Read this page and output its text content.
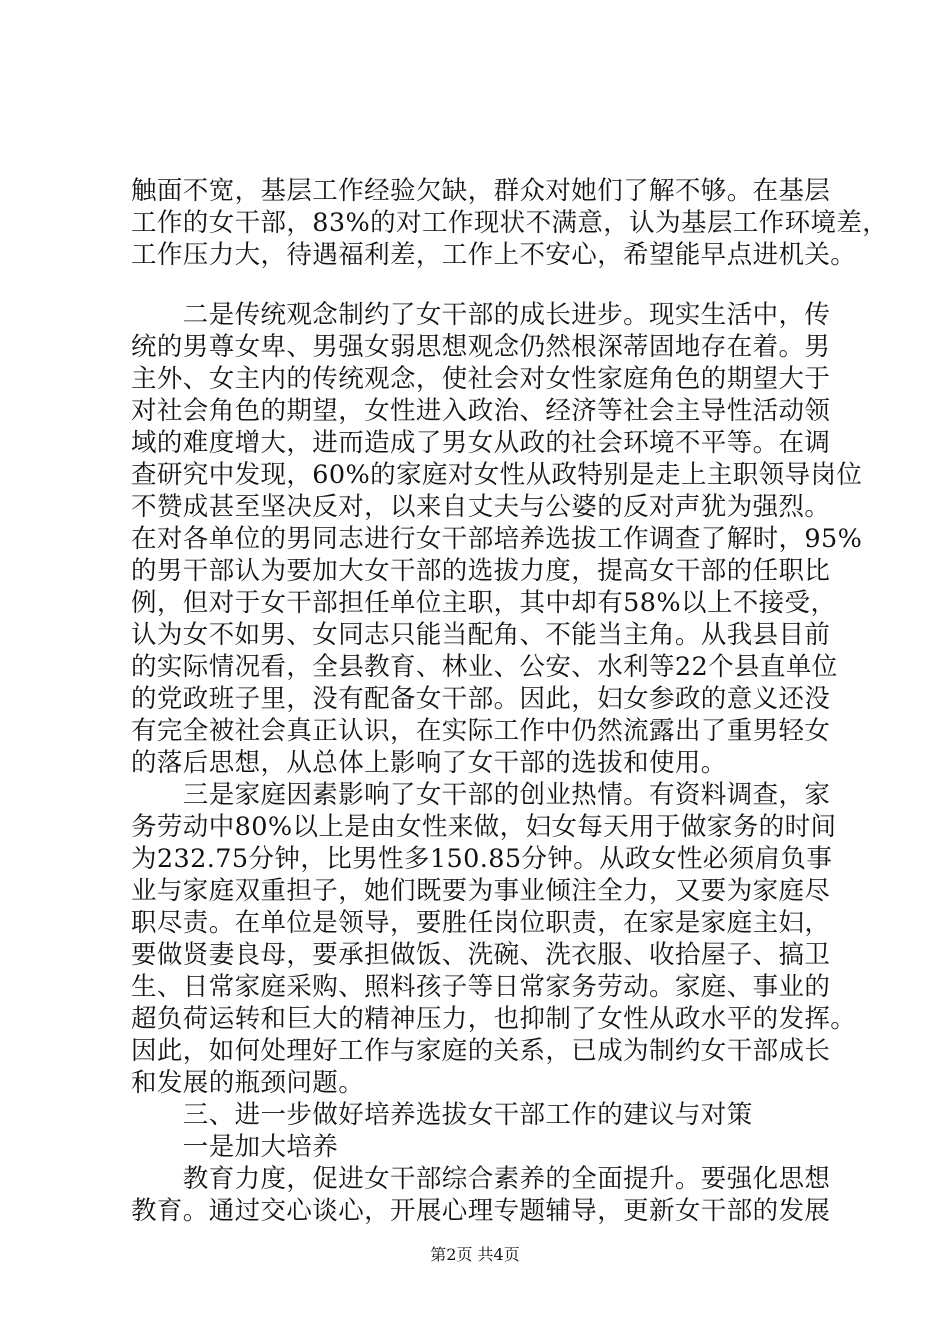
触面不宽，基层工作经验欠缺，群众对她们了解不够。在基层
工作的女干部，83%的对工作现状不满意，认为基层工作环境差，
工作压力大，待遇福利差，工作上不安心，希望能早点进机关。
　　二是传统观念制约了女干部的成长进步。现实生活中，传
统的男尊女卑、男强女弱思想观念仍然根深蒂固地存在着。男
主外、女主内的传统观念，使社会对女性家庭角色的期望大于
对社会角色的期望，女性进入政治、经济等社会主导性活动领
域的难度增大，进而造成了男女从政的社会环境不平等。在调
查研究中发现，60%的家庭对女性从政特别是走上主职领导岗位
不赞成甚至坚决反对，以来自丈夫与公婆的反对声犹为强烈。
在对各单位的男同志进行女干部培养选拔工作调查了解时，95%
的男干部认为要加大女干部的选拔力度，提高女干部的任职比
例，但对于女干部担任单位主职，其中却有58%以上不接受，
认为女不如男、女同志只能当配角、不能当主角。从我县目前
的实际情况看，全县教育、林业、公安、水利等22个县直单位
的党政班子里，没有配备女干部。因此，妇女参政的意义还没
有完全被社会真正认识，在实际工作中仍然流露出了重男轻女
的落后思想，从总体上影响了女干部的选拔和使用。
　　三是家庭因素影响了女干部的创业热情。有资料调查，家
务劳动中80%以上是由女性来做，妇女每天用于做家务的时间
为232.75分钟，比男性多150.85分钟。从政女性必须肩负事
业与家庭双重担子，她们既要为事业倾注全力，又要为家庭尽
职尽责。在单位是领导，要胜任岗位职责，在家是家庭主妇，
要做贤妻良母，要承担做饭、洗碗、洗衣服、收拾屋子、搞卫
生、日常家庭采购、照料孩子等日常家务劳动。家庭、事业的
超负荷运转和巨大的精神压力，也抑制了女性从政水平的发挥。
因此，如何处理好工作与家庭的关系，已成为制约女干部成长
和发展的瓶颈问题。
　　三、进一步做好培养选拔女干部工作的建议与对策
　　一是加大培养
　　教育力度，促进女干部综合素养的全面提升。要强化思想
教育。通过交心谈心，开展心理专题辅导，更新女干部的发展
第2页 共4页
